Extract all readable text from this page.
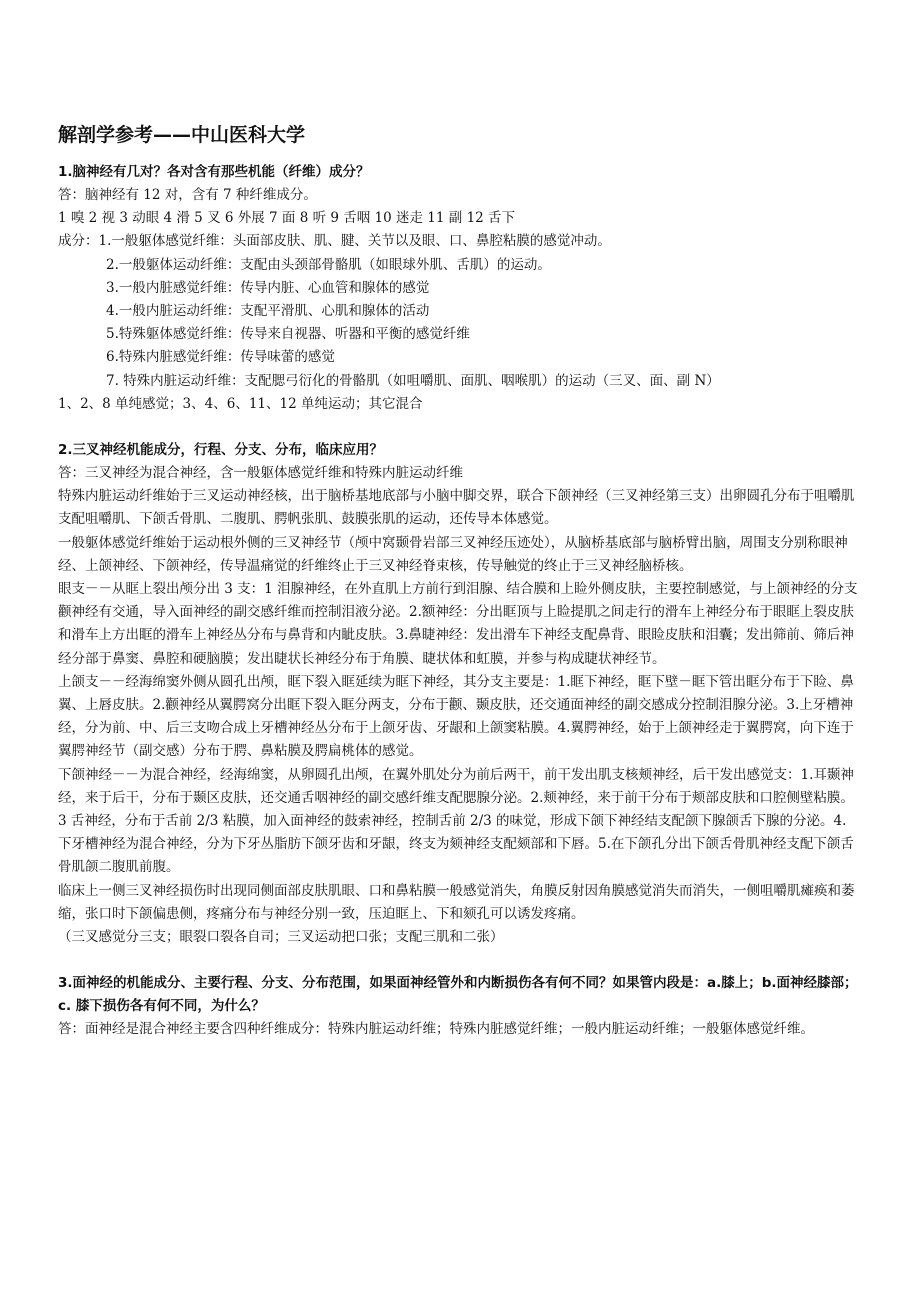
解剖学参考——中山医科大学

1.脑神经有几对？各对含有那些机能（纤维）成分？

答：脑神经有 12 对，含有 7 种纤维成分。

1 嗅 2 视 3 动眼 4 滑 5 叉 6 外展 7 面 8 听 9 舌咽 10 迷走 11 副 12 舌下

成分：1.一般躯体感觉纤维：头面部皮肤、肌、腱、关节以及眼、口、鼻腔粘膜的感觉冲动。

2.一般躯体运动纤维：支配由头颈部骨骼肌（如眼球外肌、舌肌）的运动。

3.一般内脏感觉纤维：传导内脏、心血管和腺体的感觉

4.一般内脏运动纤维：支配平滑肌、心肌和腺体的活动

5.特殊躯体感觉纤维：传导来自视器、听器和平衡的感觉纤维

6.特殊内脏感觉纤维：传导味蕾的感觉

7. 特殊内脏运动纤维：支配腮弓衍化的骨骼肌（如咀嚼肌、面肌、咽喉肌）的运动（三叉、面、副 N）

1、2、8 单纯感觉；3、4、6、11、12 单纯运动；其它混合

2.三叉神经机能成分，行程、分支、分布，临床应用？

答：三叉神经为混合神经，含一般躯体感觉纤维和特殊内脏运动纤维

特殊内脏运动纤维始于三叉运动神经核，出于脑桥基地底部与小脑中脚交界，联合下颌神经（三叉神经第三支）出卵圆孔分布于咀嚼肌支配咀嚼肌、下颌舌骨肌、二腹肌、腭帆张肌、鼓膜张肌的运动，还传导本体感觉。

一般躯体感觉纤维始于运动根外侧的三叉神经节（颅中窝颞骨岩部三叉神经压迹处），从脑桥基底部与脑桥臂出脑，周围支分别称眼神经、上颌神经、下颌神经，传导温痛觉的纤维终止于三叉神经脊束核，传导触觉的终止于三叉神经脑桥核。

眼支－－从眶上裂出颅分出 3 支：1 泪腺神经，在外直肌上方前行到泪腺、结合膜和上睑外侧皮肤，主要控制感觉，与上颌神经的分支颧神经有交通，导入面神经的副交感纤维而控制泪液分泌。2.额神经：分出眶顶与上睑提肌之间走行的滑车上神经分布于眼眶上裂皮肤和滑车上方出眶的滑车上神经丛分布与鼻背和内眦皮肤。3.鼻睫神经：发出滑车下神经支配鼻背、眼睑皮肤和泪囊；发出筛前、筛后神经分部于鼻窦、鼻腔和硬脑膜；发出睫状长神经分布于角膜、睫状体和虹膜，并参与构成睫状神经节。

上颌支－－经海绵窦外侧从圆孔出颅，眶下裂入眶延续为眶下神经，其分支主要是：1.眶下神经，眶下壁－眶下管出眶分布于下睑、鼻翼、上唇皮肤。2.颧神经从翼腭窝分出眶下裂入眶分两支，分布于颧、颞皮肤，还交通面神经的副交感成分控制泪腺分泌。3.上牙槽神经，分为前、中、后三支吻合成上牙槽神经丛分布于上颌牙齿、牙龈和上颌窦粘膜。4.翼腭神经，始于上颌神经走于翼腭窝，向下连于翼腭神经节（副交感）分布于腭、鼻粘膜及腭扁桃体的感觉。

下颌神经－－为混合神经，经海绵窦，从卵圆孔出颅，在翼外肌处分为前后两干，前干发出肌支核颊神经，后干发出感觉支：1.耳颞神经，来于后干，分布于颞区皮肤，还交通舌咽神经的副交感纤维支配腮腺分泌。2.颊神经，来于前干分布于颊部皮肤和口腔侧壁粘膜。3 舌神经，分布于舌前 2/3 粘膜，加入面神经的鼓索神经，控制舌前 2/3 的味觉，形成下颌下神经结支配颌下腺颌舌下腺的分泌。4.下牙槽神经为混合神经，分为下牙丛脂肪下颌牙齿和牙龈，终支为颏神经支配颏部和下唇。5.在下颌孔分出下颌舌骨肌神经支配下颌舌骨肌颌二腹肌前腹。

临床上一侧三叉神经损伤时出现同侧面部皮肤肌眼、口和鼻粘膜一般感觉消失，角膜反射因角膜感觉消失而消失，一侧咀嚼肌瘫痪和萎缩，张口时下颌偏患侧，疼痛分布与神经分别一致，压迫眶上、下和颏孔可以诱发疼痛。

（三叉感觉分三支；眼裂口裂各自司；三叉运动把口张；支配三肌和二张）

3.面神经的机能成分、主要行程、分支、分布范围，如果面神经管外和内断损伤各有何不同？如果管内段是：a.膝上；b.面神经膝部；c. 膝下损伤各有何不同，为什么？

答：面神经是混合神经主要含四种纤维成分：特殊内脏运动纤维；特殊内脏感觉纤维；一般内脏运动纤维；一般躯体感觉纤维。
